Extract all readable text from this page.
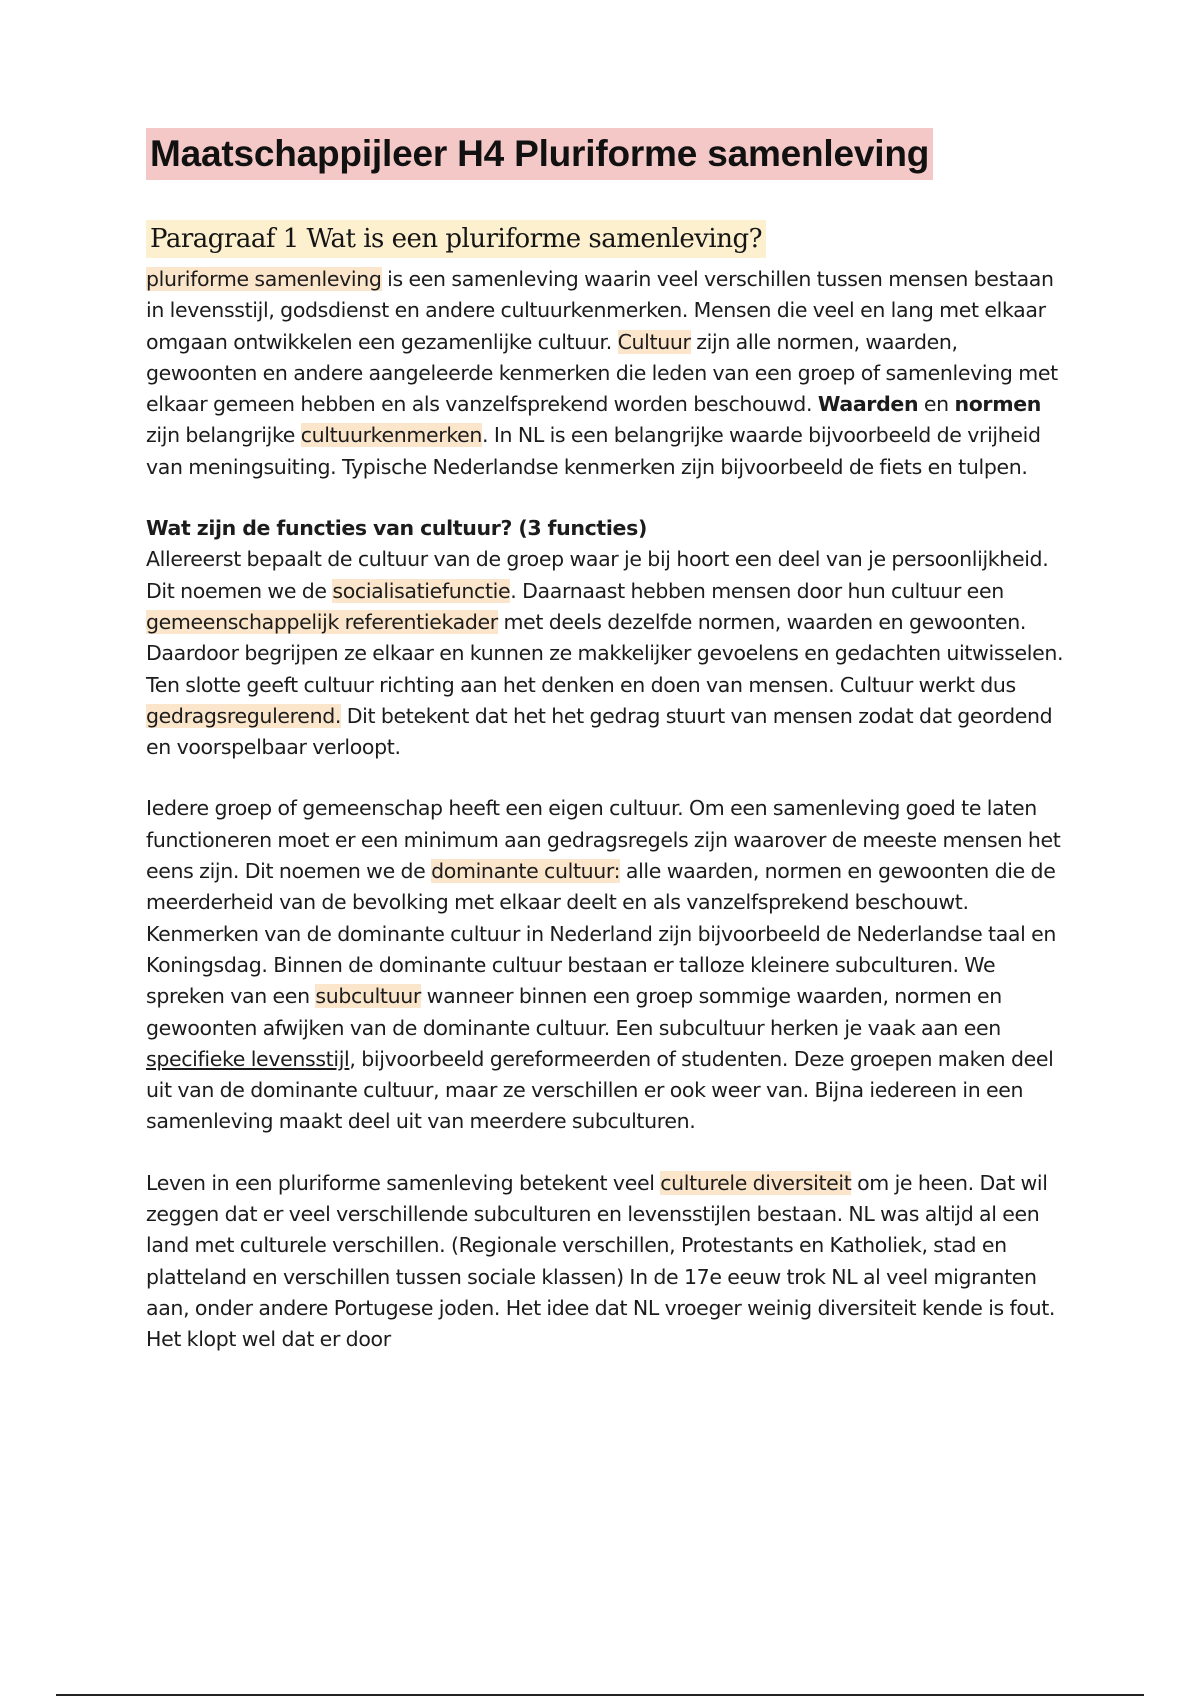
Maatschappijleer H4 Pluriforme samenleving
Paragraaf 1 Wat is een pluriforme samenleving?

pluriforme samenleving is een samenleving waarin veel verschillen tussen mensen bestaan in levensstijl, godsdienst en andere cultuurkenmerken. Mensen die veel en lang met elkaar omgaan ontwikkelen een gezamenlijke cultuur. Cultuur zijn alle normen, waarden, gewoonten en andere aangeleerde kenmerken die leden van een groep of samenleving met elkaar gemeen hebben en als vanzelfsprekend worden beschouwd. Waarden en normen zijn belangrijke cultuurkenmerken. In NL is een belangrijke waarde bijvoorbeeld de vrijheid van meningsuiting. Typische Nederlandse kenmerken zijn bijvoorbeeld de fiets en tulpen.

Wat zijn de functies van cultuur? (3 functies)

Allereerst bepaalt de cultuur van de groep waar je bij hoort een deel van je persoonlijkheid. Dit noemen we de socialisatiefunctie. Daarnaast hebben mensen door hun cultuur een gemeenschappelijk referentiekader met deels dezelfde normen, waarden en gewoonten. Daardoor begrijpen ze elkaar en kunnen ze makkelijker gevoelens en gedachten uitwisselen. Ten slotte geeft cultuur richting aan het denken en doen van mensen. Cultuur werkt dus gedragsregulerend. Dit betekent dat het het gedrag stuurt van mensen zodat dat geordend en voorspelbaar verloopt.

Iedere groep of gemeenschap heeft een eigen cultuur. Om een samenleving goed te laten functioneren moet er een minimum aan gedragsregels zijn waarover de meeste mensen het eens zijn. Dit noemen we de dominante cultuur: alle waarden, normen en gewoonten die de meerderheid van de bevolking met elkaar deelt en als vanzelfsprekend beschouwt. Kenmerken van de dominante cultuur in Nederland zijn bijvoorbeeld de Nederlandse taal en Koningsdag. Binnen de dominante cultuur bestaan er talloze kleinere subculturen. We spreken van een subcultuur wanneer binnen een groep sommige waarden, normen en gewoonten afwijken van de dominante cultuur. Een subcultuur herken je vaak aan een specifieke levensstijl, bijvoorbeeld gereformeerden of studenten. Deze groepen maken deel uit van de dominante cultuur, maar ze verschillen er ook weer van. Bijna iedereen in een samenleving maakt deel uit van meerdere subculturen.

Leven in een pluriforme samenleving betekent veel culturele diversiteit om je heen. Dat wil zeggen dat er veel verschillende subculturen en levensstijlen bestaan. NL was altijd al een land met culturele verschillen. (Regionale verschillen, Protestants en Katholiek, stad en platteland en verschillen tussen sociale klassen) In de 17e eeuw trok NL al veel migranten aan, onder andere Portugese joden. Het idee dat NL vroeger weinig diversiteit kende is fout. Het klopt wel dat er door
